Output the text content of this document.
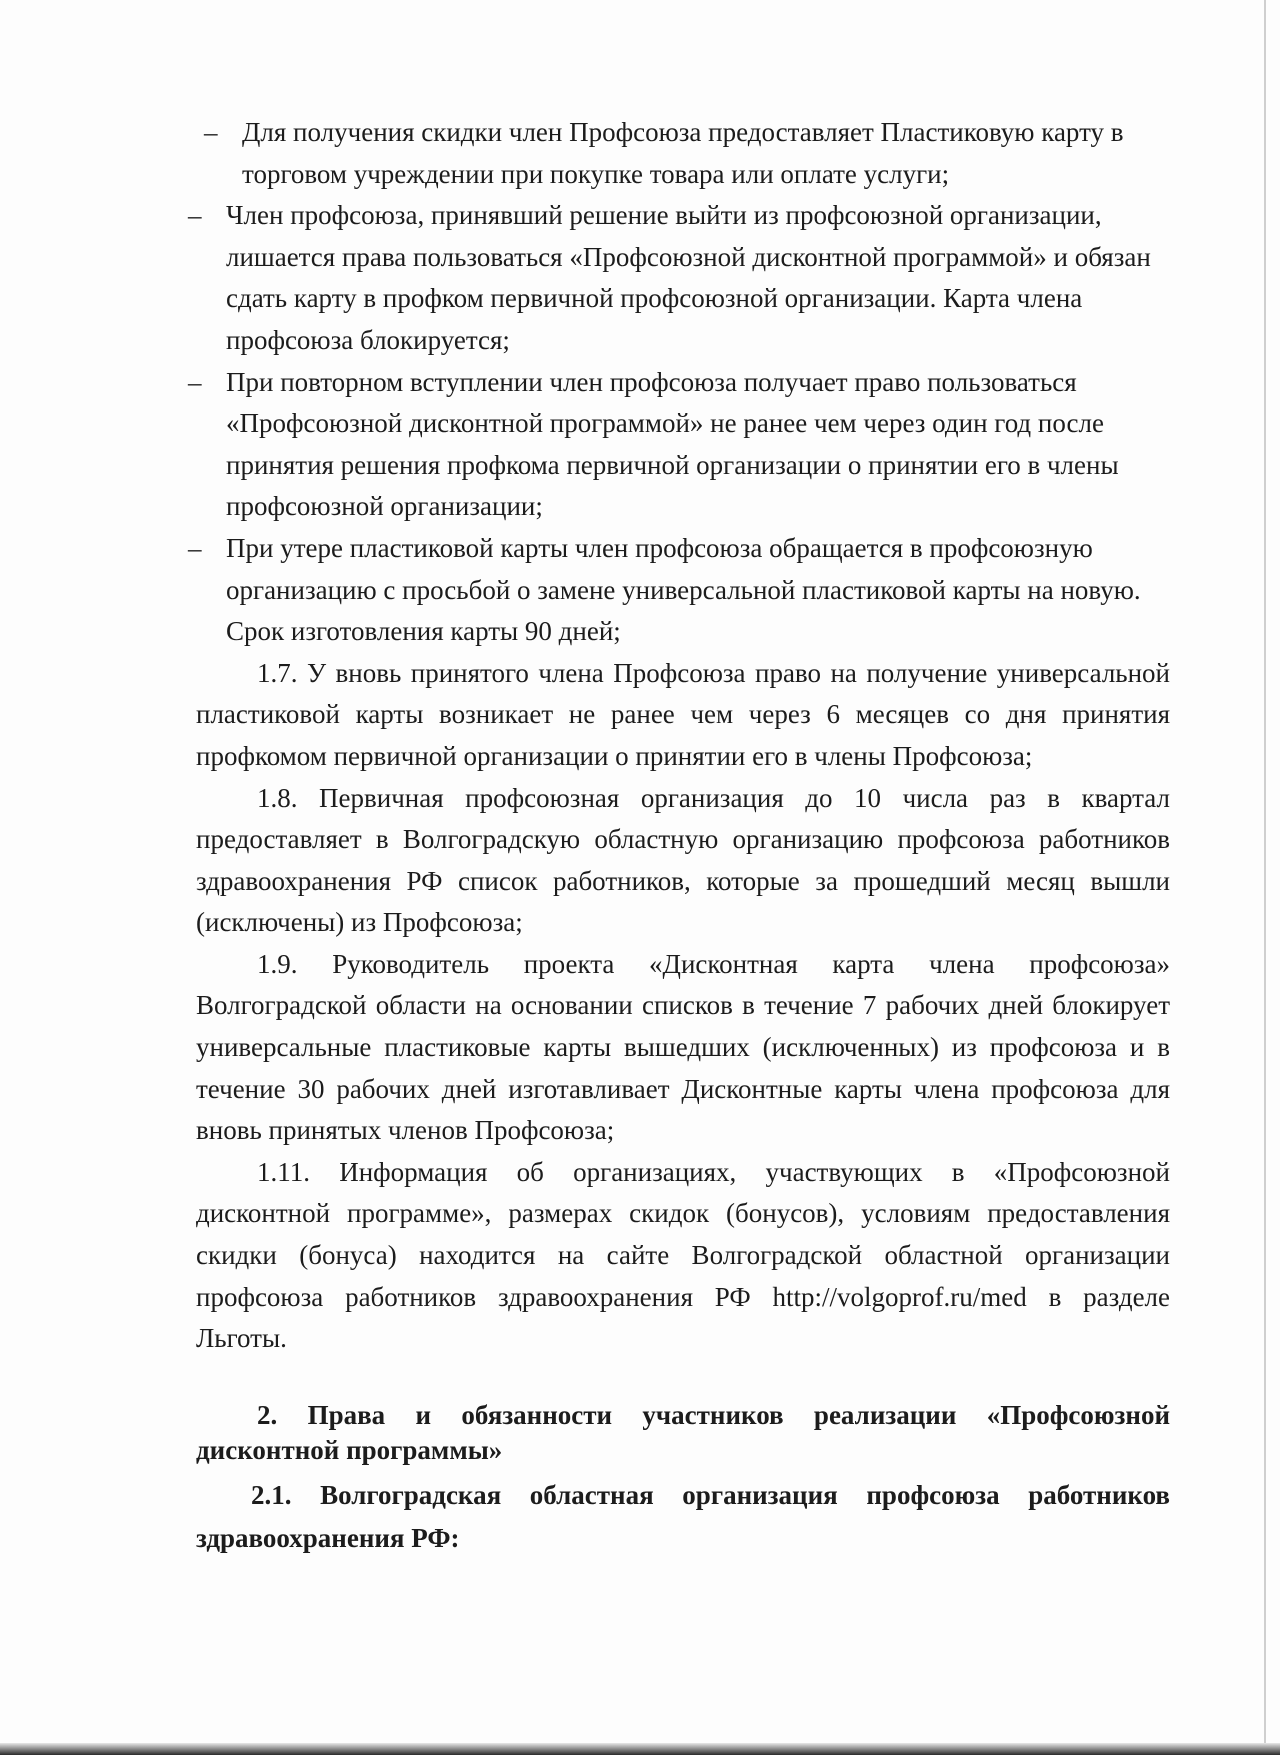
– Для получения скидки член Профсоюза предоставляет Пластиковую карту в торговом учреждении при покупке товара или оплате услуги;
– Член профсоюза, принявший решение выйти из профсоюзной организации, лишается права пользоваться «Профсоюзной дисконтной программой» и обязан сдать карту в профком первичной профсоюзной организации. Карта члена профсоюза блокируется;
– При повторном вступлении член профсоюза получает право пользоваться «Профсоюзной дисконтной программой» не ранее чем через один год после принятия решения профкома первичной организации о принятии его в члены профсоюзной организации;
– При утере пластиковой карты член профсоюза обращается в профсоюзную организацию с просьбой о замене универсальной пластиковой карты на новую. Срок изготовления карты 90 дней;

1.7. У вновь принятого члена Профсоюза право на получение универсальной пластиковой карты возникает не ранее чем через 6 месяцев со дня принятия профкомом первичной организации о принятии его в члены Профсоюза;

1.8. Первичная профсоюзная организация до 10 числа раз в квартал предоставляет в Волгоградскую областную организацию профсоюза работников здравоохранения РФ список работников, которые за прошедший месяц вышли (исключены) из Профсоюза;

1.9. Руководитель проекта «Дисконтная карта члена профсоюза» Волгоградской области на основании списков в течение 7 рабочих дней блокирует универсальные пластиковые карты вышедших (исключенных) из профсоюза и в течение 30 рабочих дней изготавливает Дисконтные карты члена профсоюза для вновь принятых членов Профсоюза;

1.11. Информация об организациях, участвующих в «Профсоюзной дисконтной программе», размерах скидок (бонусов), условиям предоставления скидки (бонуса) находится на сайте Волгоградской областной организации профсоюза работников здравоохранения РФ http://volgoprof.ru/med в разделе Льготы.

2. Права и обязанности участников реализации «Профсоюзной дисконтной программы»

2.1. Волгоградская областная организация профсоюза работников здравоохранения РФ:
